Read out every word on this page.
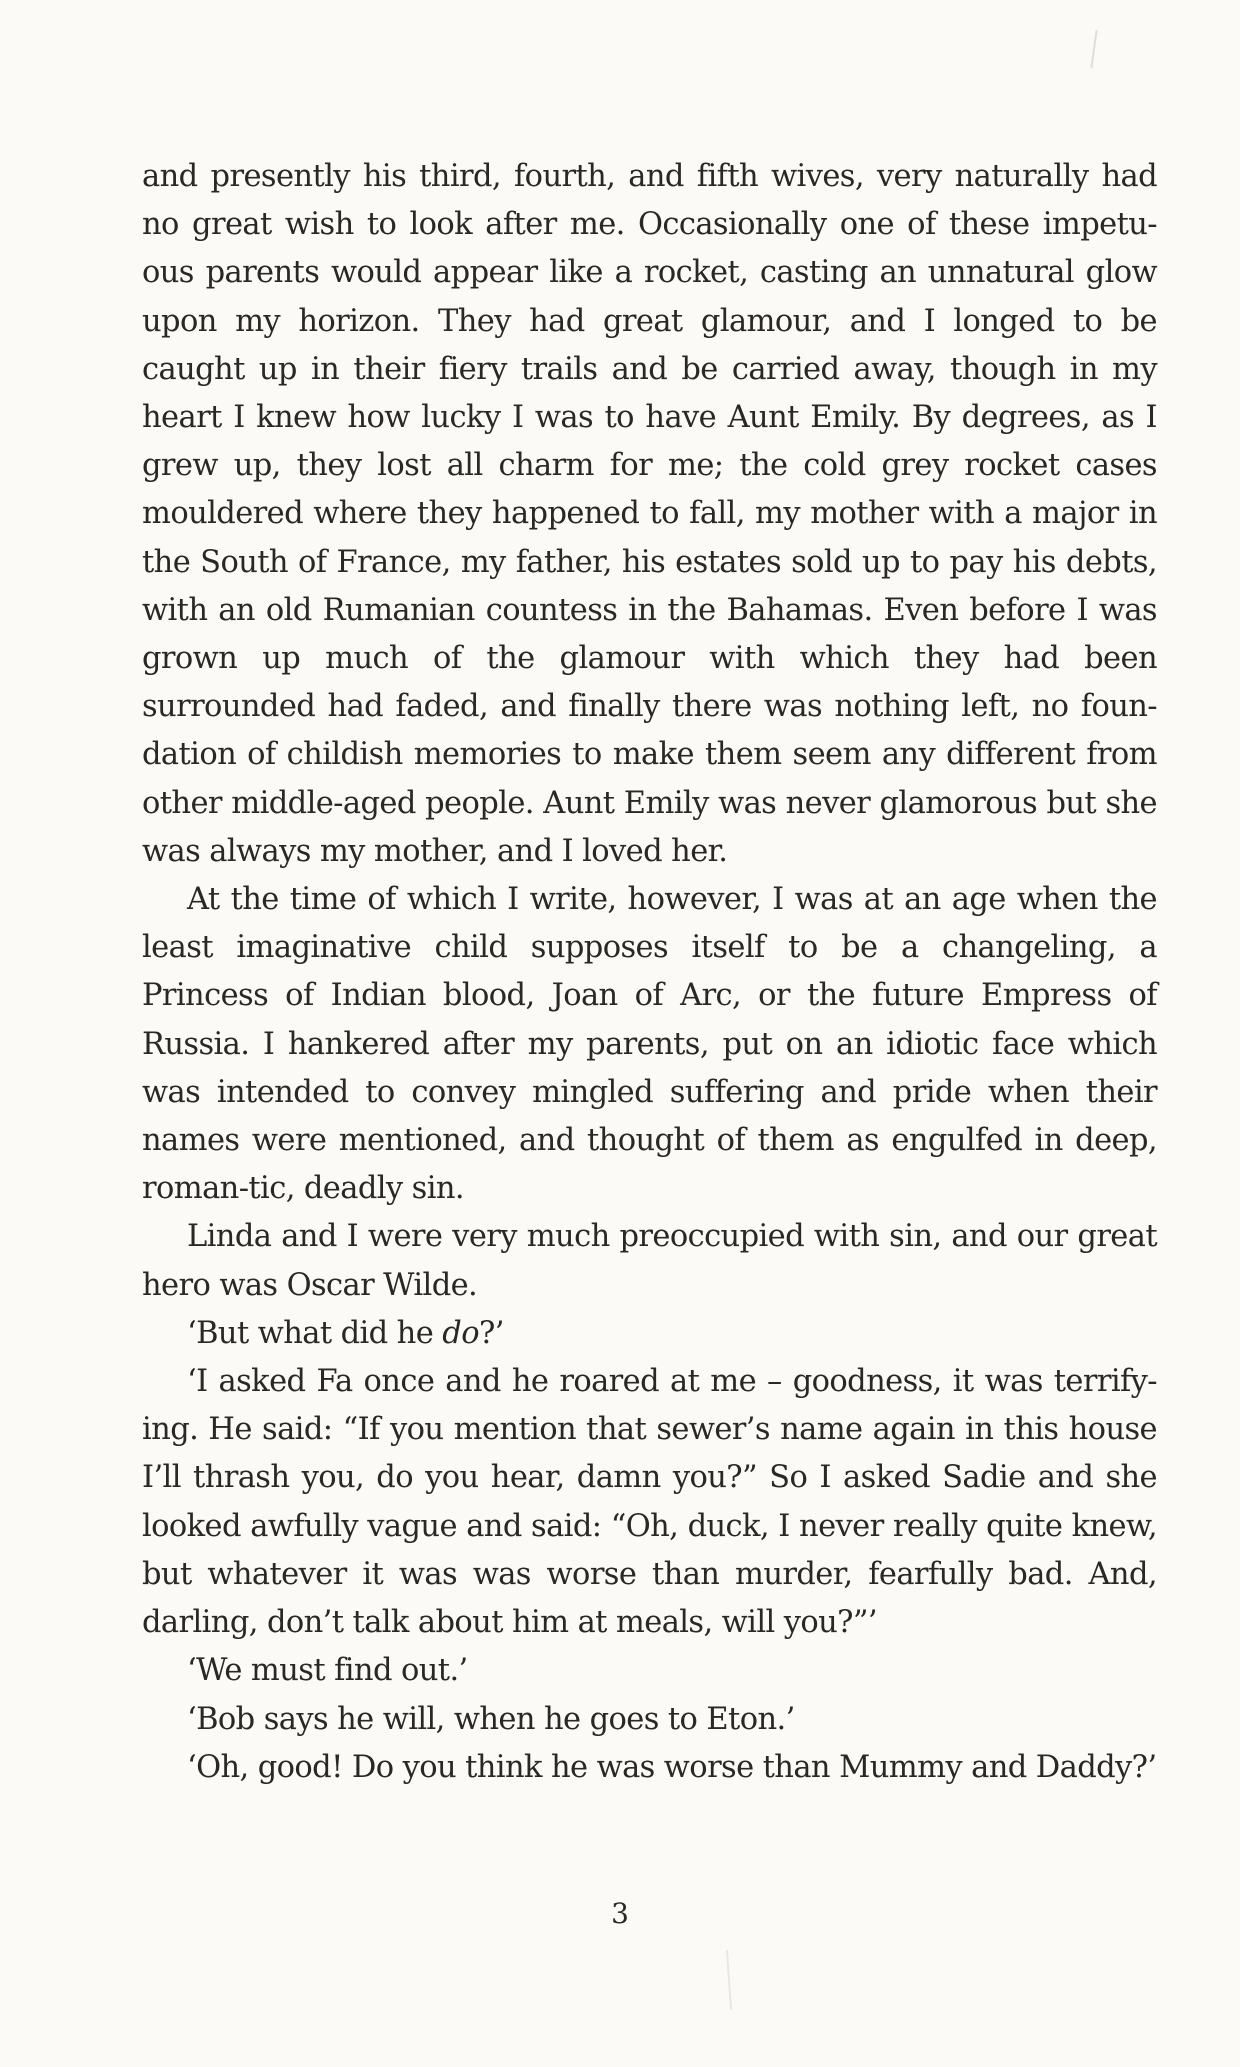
and presently his third, fourth, and fifth wives, very naturally had no great wish to look after me. Occasionally one of these impetu-ous parents would appear like a rocket, casting an unnatural glow upon my horizon. They had great glamour, and I longed to be caught up in their fiery trails and be carried away, though in my heart I knew how lucky I was to have Aunt Emily. By degrees, as I grew up, they lost all charm for me; the cold grey rocket cases mouldered where they happened to fall, my mother with a major in the South of France, my father, his estates sold up to pay his debts, with an old Rumanian countess in the Bahamas. Even before I was grown up much of the glamour with which they had been surrounded had faded, and finally there was nothing left, no foun-dation of childish memories to make them seem any different from other middle-aged people. Aunt Emily was never glamorous but she was always my mother, and I loved her.

At the time of which I write, however, I was at an age when the least imaginative child supposes itself to be a changeling, a Princess of Indian blood, Joan of Arc, or the future Empress of Russia. I hankered after my parents, put on an idiotic face which was intended to convey mingled suffering and pride when their names were mentioned, and thought of them as engulfed in deep, roman-tic, deadly sin.

Linda and I were very much preoccupied with sin, and our great hero was Oscar Wilde.

‘But what did he do?’

‘I asked Fa once and he roared at me – goodness, it was terrify-ing. He said: “If you mention that sewer’s name again in this house I’ll thrash you, do you hear, damn you?” So I asked Sadie and she looked awfully vague and said: “Oh, duck, I never really quite knew, but whatever it was was worse than murder, fearfully bad. And, darling, don’t talk about him at meals, will you?”’

‘We must find out.’

‘Bob says he will, when he goes to Eton.’

‘Oh, good! Do you think he was worse than Mummy and Daddy?’

3
